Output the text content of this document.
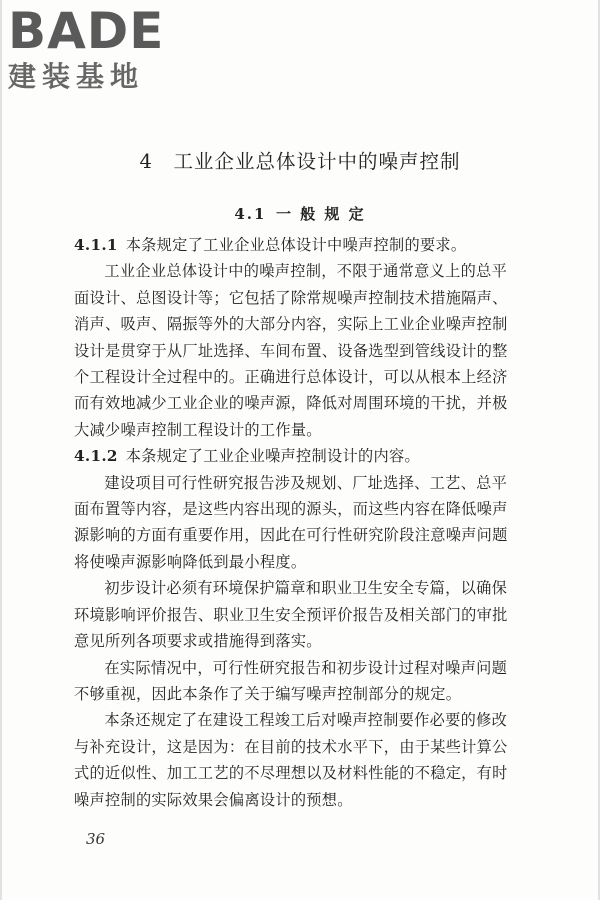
BADE
建装基地
4  工业企业总体设计中的噪声控制
4.1  一 般 规 定

4.1.1  本条规定了工业企业总体设计中噪声控制的要求。

工业企业总体设计中的噪声控制，不限于通常意义上的总平

面设计、总图设计等；它包括了除常规噪声控制技术措施隔声、

消声、吸声、隔振等外的大部分内容，实际上工业企业噪声控制

设计是贯穿于从厂址选择、车间布置、设备选型到管线设计的整

个工程设计全过程中的。正确进行总体设计，可以从根本上经济

而有效地减少工业企业的噪声源，降低对周围环境的干扰，并极

大减少噪声控制工程设计的工作量。

4.1.2  本条规定了工业企业噪声控制设计的内容。

建设项目可行性研究报告涉及规划、厂址选择、工艺、总平

面布置等内容，是这些内容出现的源头，而这些内容在降低噪声

源影响的方面有重要作用，因此在可行性研究阶段注意噪声问题

将使噪声源影响降低到最小程度。

初步设计必须有环境保护篇章和职业卫生安全专篇，以确保

环境影响评价报告、职业卫生安全预评价报告及相关部门的审批

意见所列各项要求或措施得到落实。

在实际情况中，可行性研究报告和初步设计过程对噪声问题

不够重视，因此本条作了关于编写噪声控制部分的规定。

本条还规定了在建设工程竣工后对噪声控制要作必要的修改

与补充设计，这是因为：在目前的技术水平下，由于某些计算公

式的近似性、加工工艺的不尽理想以及材料性能的不稳定，有时

噪声控制的实际效果会偏离设计的预想。

36
